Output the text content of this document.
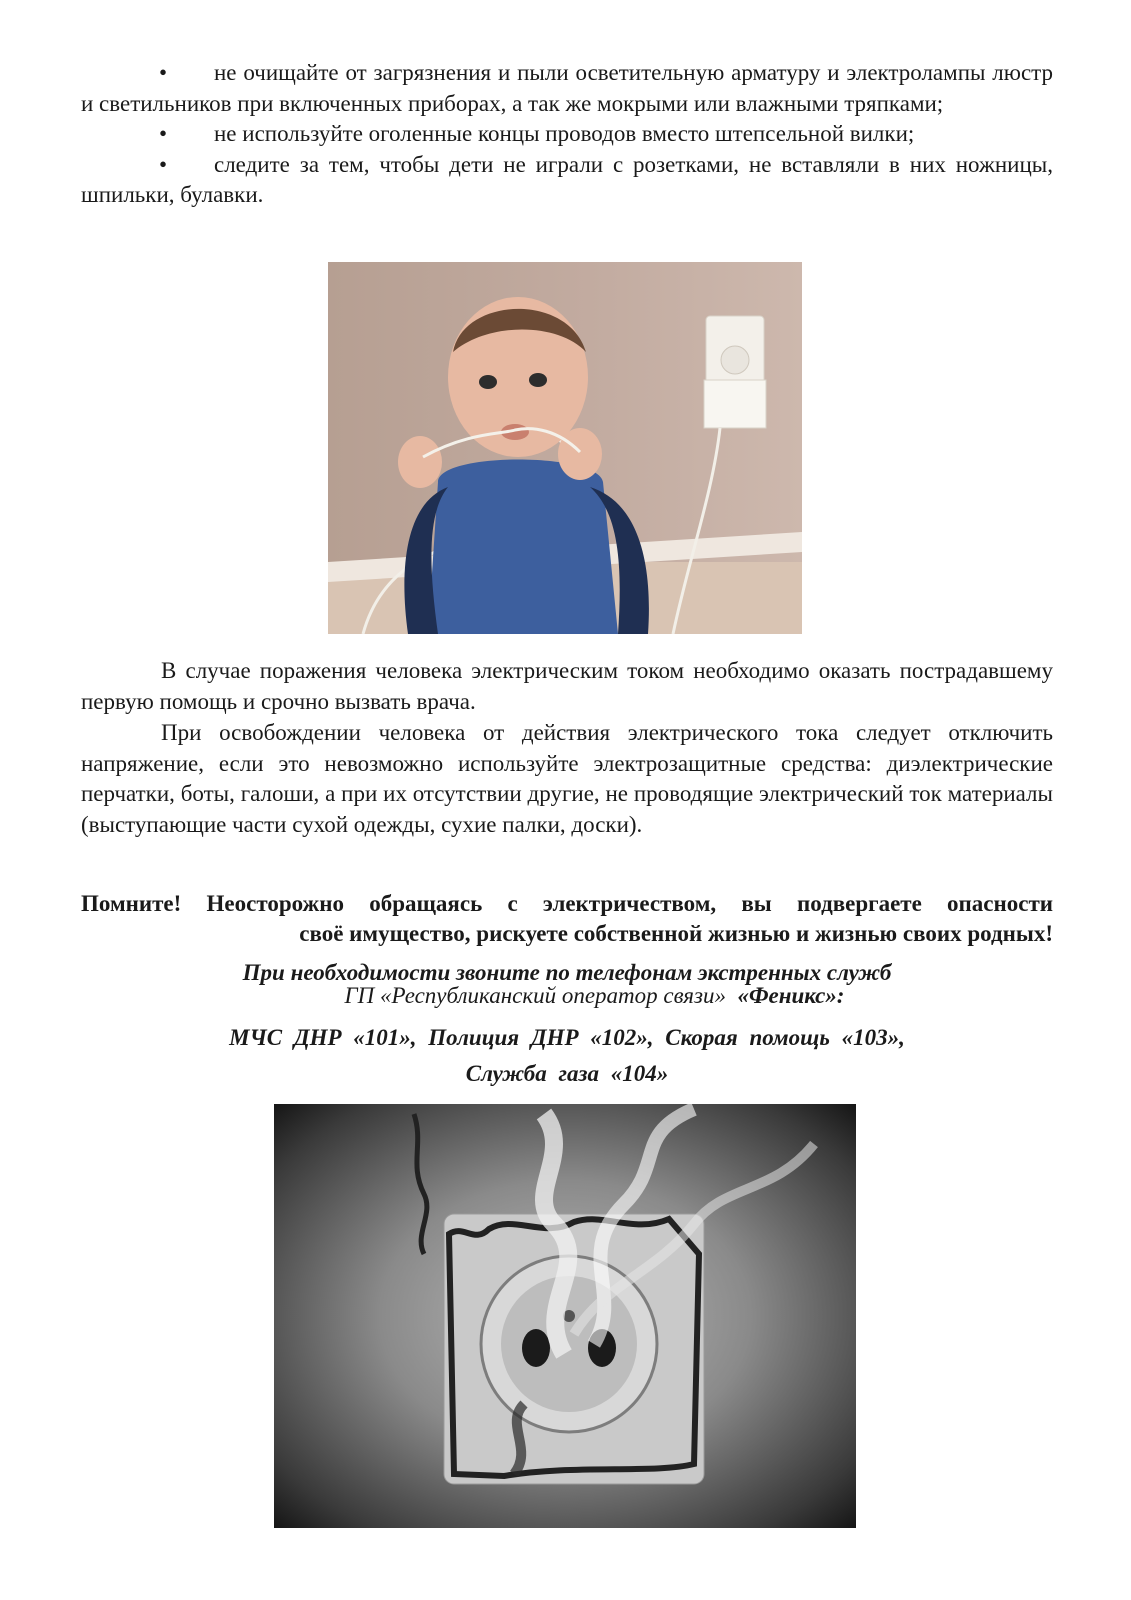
• не очищайте от загрязнения и пыли осветительную арматуру и электролампы люстр и светильников при включенных приборах, а так же мокрыми или влажными тряпками;

• не используйте оголенные концы проводов вместо штепсельной вилки;

• следите за тем, чтобы дети не играли с розетками, не вставляли в них ножницы, шпильки, булавки.

В случае поражения человека электрическим током необходимо оказать пострадавшему первую помощь и срочно вызвать врача.

При освобождении человека от действия электрического тока следует отключить напряжение, если это невозможно используйте электрозащитные средства: диэлектрические перчатки, боты, галоши, а при их отсутствии другие, не проводящие электрический ток материалы (выступающие части сухой одежды, сухие палки, доски).

Помните! Неосторожно обращаясь с электричеством, вы подвергаете опасности
своё имущество, рискуете собственной жизнью и жизнью своих родных!
При необходимости звоните по телефонам экстренных служб
ГП «Республиканский оператор связи» «Феникс»:
МЧС ДНР «101», Полиция ДНР «102», Скорая помощь «103»,
Служба газа «104»
